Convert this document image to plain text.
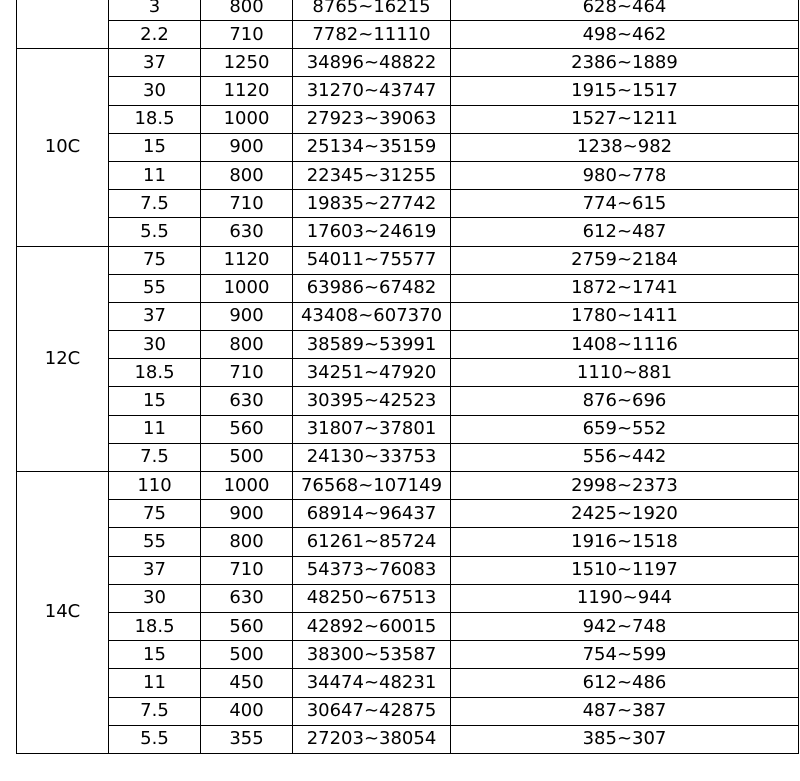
	3	800	8765~16215	628~464
	2.2	710	7782~11110	498~462
10C	37	1250	34896~48822	2386~1889
	30	1120	31270~43747	1915~1517
	18.5	1000	27923~39063	1527~1211
	15	900	25134~35159	1238~982
	11	800	22345~31255	980~778
	7.5	710	19835~27742	774~615
	5.5	630	17603~24619	612~487
12C	75	1120	54011~75577	2759~2184
	55	1000	63986~67482	1872~1741
	37	900	43408~607370	1780~1411
	30	800	38589~53991	1408~1116
	18.5	710	34251~47920	1110~881
	15	630	30395~42523	876~696
	11	560	31807~37801	659~552
	7.5	500	24130~33753	556~442
14C	110	1000	76568~107149	2998~2373
	75	900	68914~96437	2425~1920
	55	800	61261~85724	1916~1518
	37	710	54373~76083	1510~1197
	30	630	48250~67513	1190~944
	18.5	560	42892~60015	942~748
	15	500	38300~53587	754~599
	11	450	34474~48231	612~486
	7.5	400	30647~42875	487~387
	5.5	355	27203~38054	385~307
